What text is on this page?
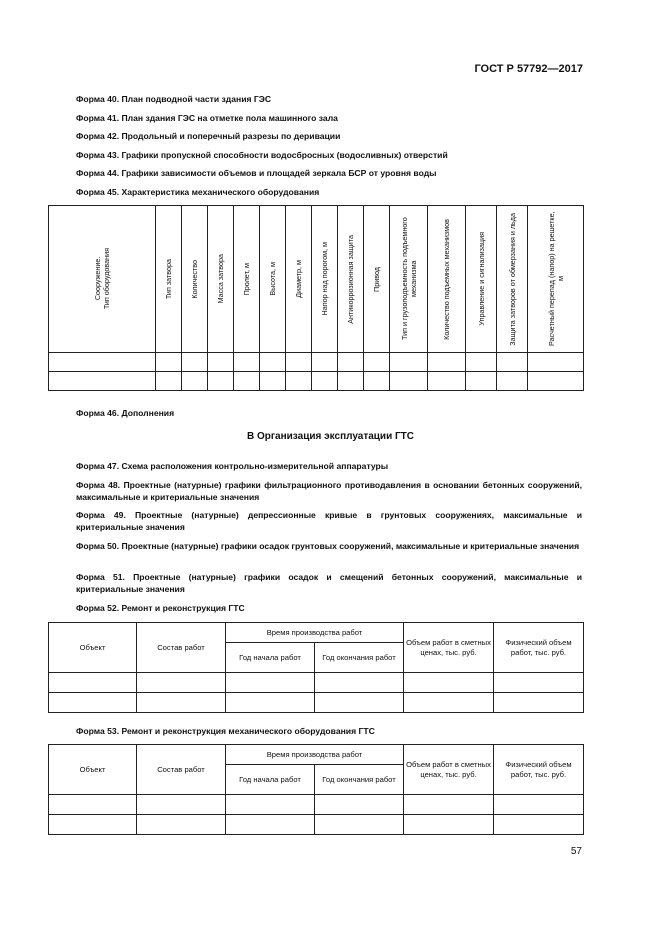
ГОСТ Р 57792—2017
Форма 40. План подводной части здания ГЭС
Форма 41. План здания ГЭС на отметке пола машинного зала
Форма 42. Продольный и поперечный разрезы по деривации
Форма 43. Графики пропускной способности водосбросных (водосливных) отверстий
Форма 44. Графики зависимости объемов и площадей зеркала БСР от уровня воды
Форма 45. Характеристика механического оборудования
Сооружение.
Тип оборудования	Тип затвора	Количество	Масса затвора	Пролет, м	Высота, м	Диаметр, м	Напор над порогом, м	Антикоррозионная защита	Привод	Тип и грузоподъемность подъемного механизма	Количество подъемных механизмов	Управление и сигнализация	Защита затворов от обмерзания и льда	Расчетный перепад (напор) на решетке, м

Форма 46. Дополнения
В Организация эксплуатации ГТС
Форма 47. Схема расположения контрольно-измерительной аппаратуры
Форма 48. Проектные (натурные) графики фильтрационного противодавления в основании бетонных сооружений, максимальные и критериальные значения
Форма 49. Проектные (натурные) депрессионные кривые в грунтовых сооружениях, максимальные и критериальные значения
Форма 50. Проектные (натурные) графики осадок грунтовых сооружений, максимальные и критериальные значения
Форма 51. Проектные (натурные) графики осадок и смещений бетонных сооружений, максимальные и критериальные значения
Форма 52. Ремонт и реконструкция ГТС
Объект	Состав работ	Время производства работ		Объем работ в сметных ценах, тыс. руб.	Физический объем работ, тыс. руб.
		Год начала работ	Год окончания работ		

Форма 53. Ремонт и реконструкция механического оборудования ГТС
Объект	Состав работ	Время производства работ		Объем работ в сметных ценах, тыс. руб.	Физический объем работ, тыс. руб.
		Год начала работ	Год окончания работ		

57
